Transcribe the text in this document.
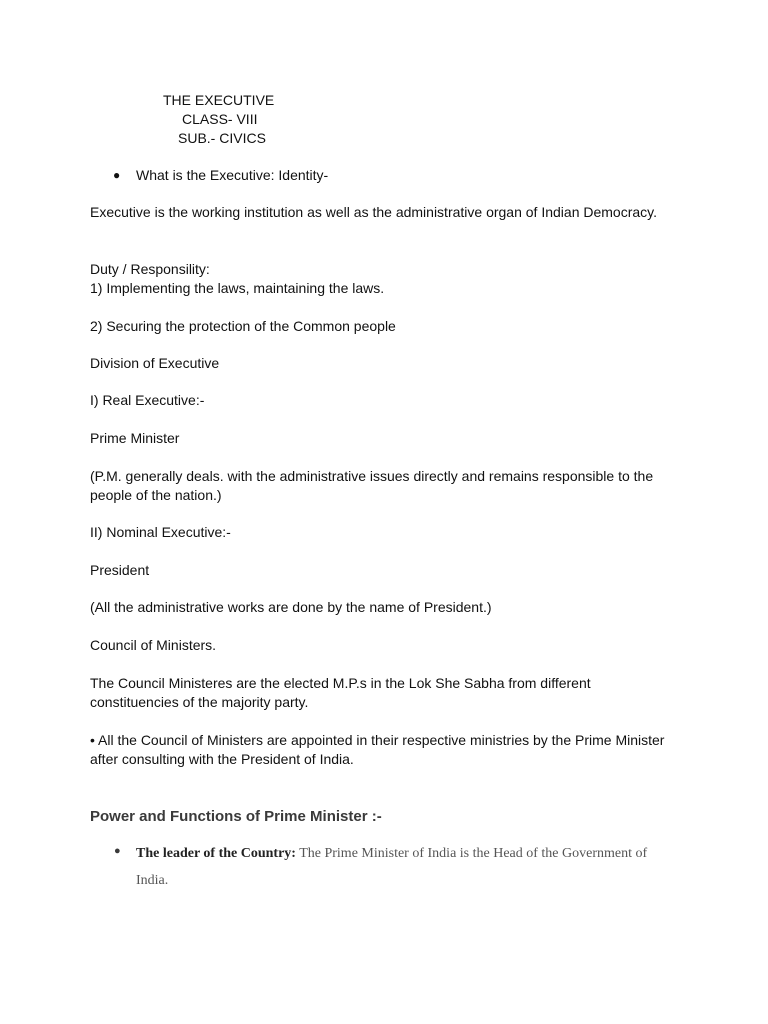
THE EXECUTIVE
CLASS- VIII
SUB.- CIVICS
● What is the Executive: Identity-
Executive is the working institution as well as the administrative organ of Indian Democracy.
Duty / Responsility:
1) Implementing the laws, maintaining the laws.
2) Securing the protection of the Common people
Division of Executive
I) Real Executive:-
Prime Minister
(P.M. generally deals. with the administrative issues directly and remains responsible to the people of the nation.)
II) Nominal Executive:-
President
(All the administrative works are done by the name of President.)
Council of Ministers.
The Council Ministeres are the elected M.P.s in the Lok She Sabha from different constituencies of the majority party.
• All the Council of Ministers are appointed in their respective ministries by the Prime Minister after consulting with the President of India.
Power and Functions of Prime Minister :-
● The leader of the Country: The Prime Minister of India is the Head of the Government of India.
